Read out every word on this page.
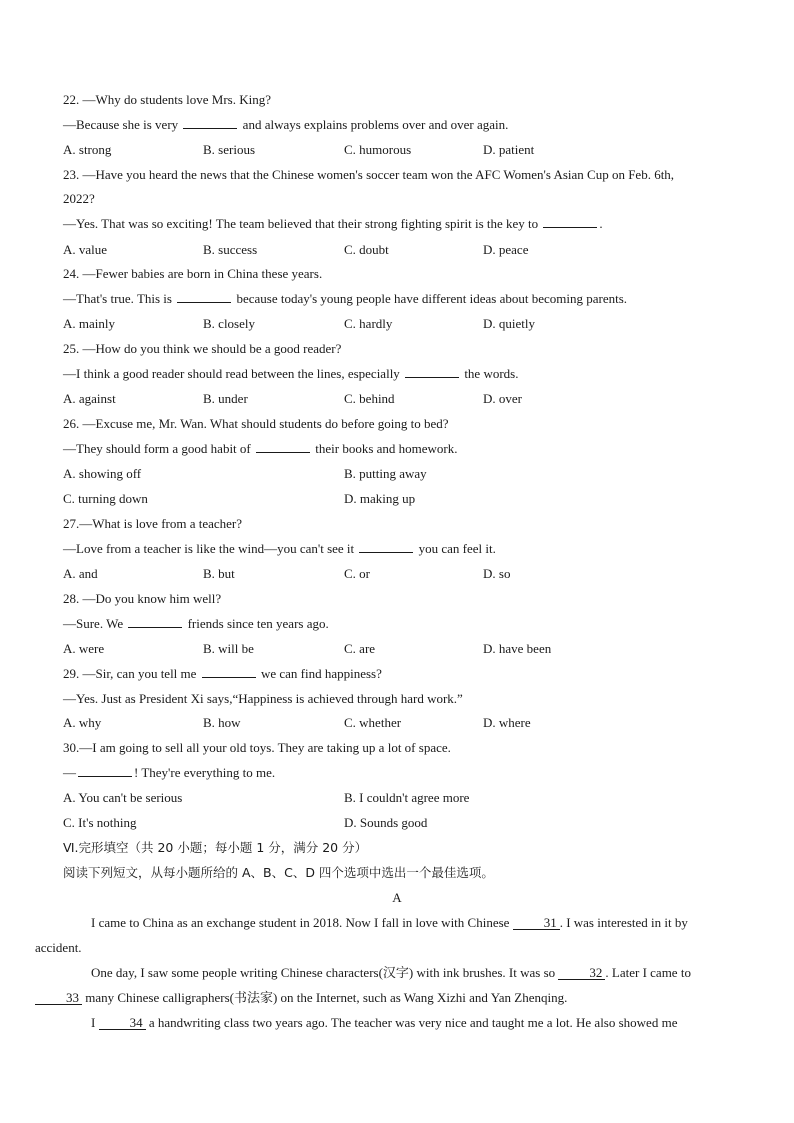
22. —Why do students love Mrs. King?
—Because she is very	and always explains problems over and over again.
A. strong	B. serious	C. humorous	D. patient
23. —Have you heard the news that the Chinese women's soccer team won the AFC Women's Asian Cup on Feb. 6th,
2022?
—Yes. That was so exciting! The team believed that their strong fighting spirit is the key to	.
A. value	B. success	C. doubt	D. peace
24. —Fewer babies are born in China these years.
—That's true. This is	because today's young people have different ideas about becoming parents.
A. mainly	B. closely	C. hardly	D. quietly
25. —How do you think we should be a good reader?
—I think a good reader should read between the lines, especially	the words.
A. against	B. under	C. behind	D. over
26. —Excuse me, Mr. Wan. What should students do before going to bed?
—They should form a good habit of	their books and homework.
A. showing off	B. putting away
C. turning down	D. making up
27.—What is love from a teacher?
—Love from a teacher is like the wind—you can't see it	you can feel it.
A. and	B. but	C. or	D. so
28. —Do you know him well?
—Sure. We	friends since ten years ago.
A. were	B. will be	C. are	D. have been
29. —Sir, can you tell me	we can find happiness?
—Yes. Just as President Xi says,“Happiness is achieved through hard work.”
A. why	B. how	C. whether	D. where
30.—I am going to sell all your old toys. They are taking up a lot of space.
—	! They're everything to me.
A. You can't be serious	B. I couldn't agree more
C. It's nothing	D. Sounds good
Ⅵ.完形填空（共 20 小题；每小题 1 分，满分 20 分）
阅读下列短文，从每小题所给的 A、B、C、D 四个选项中选出一个最佳选项。
A
I came to China as an exchange student in 2018. Now I fall in love with Chinese	31 . I was interested in it by
accident.
One day, I saw some people writing Chinese characters(汉字) with ink brushes. It was so	32 . Later I came to
33 many Chinese calligraphers(书法家) on the Internet, such as Wang Xizhi and Yan Zhenqing.
I	34 a handwriting class two years ago. The teacher was very nice and taught me a lot. He also showed me
